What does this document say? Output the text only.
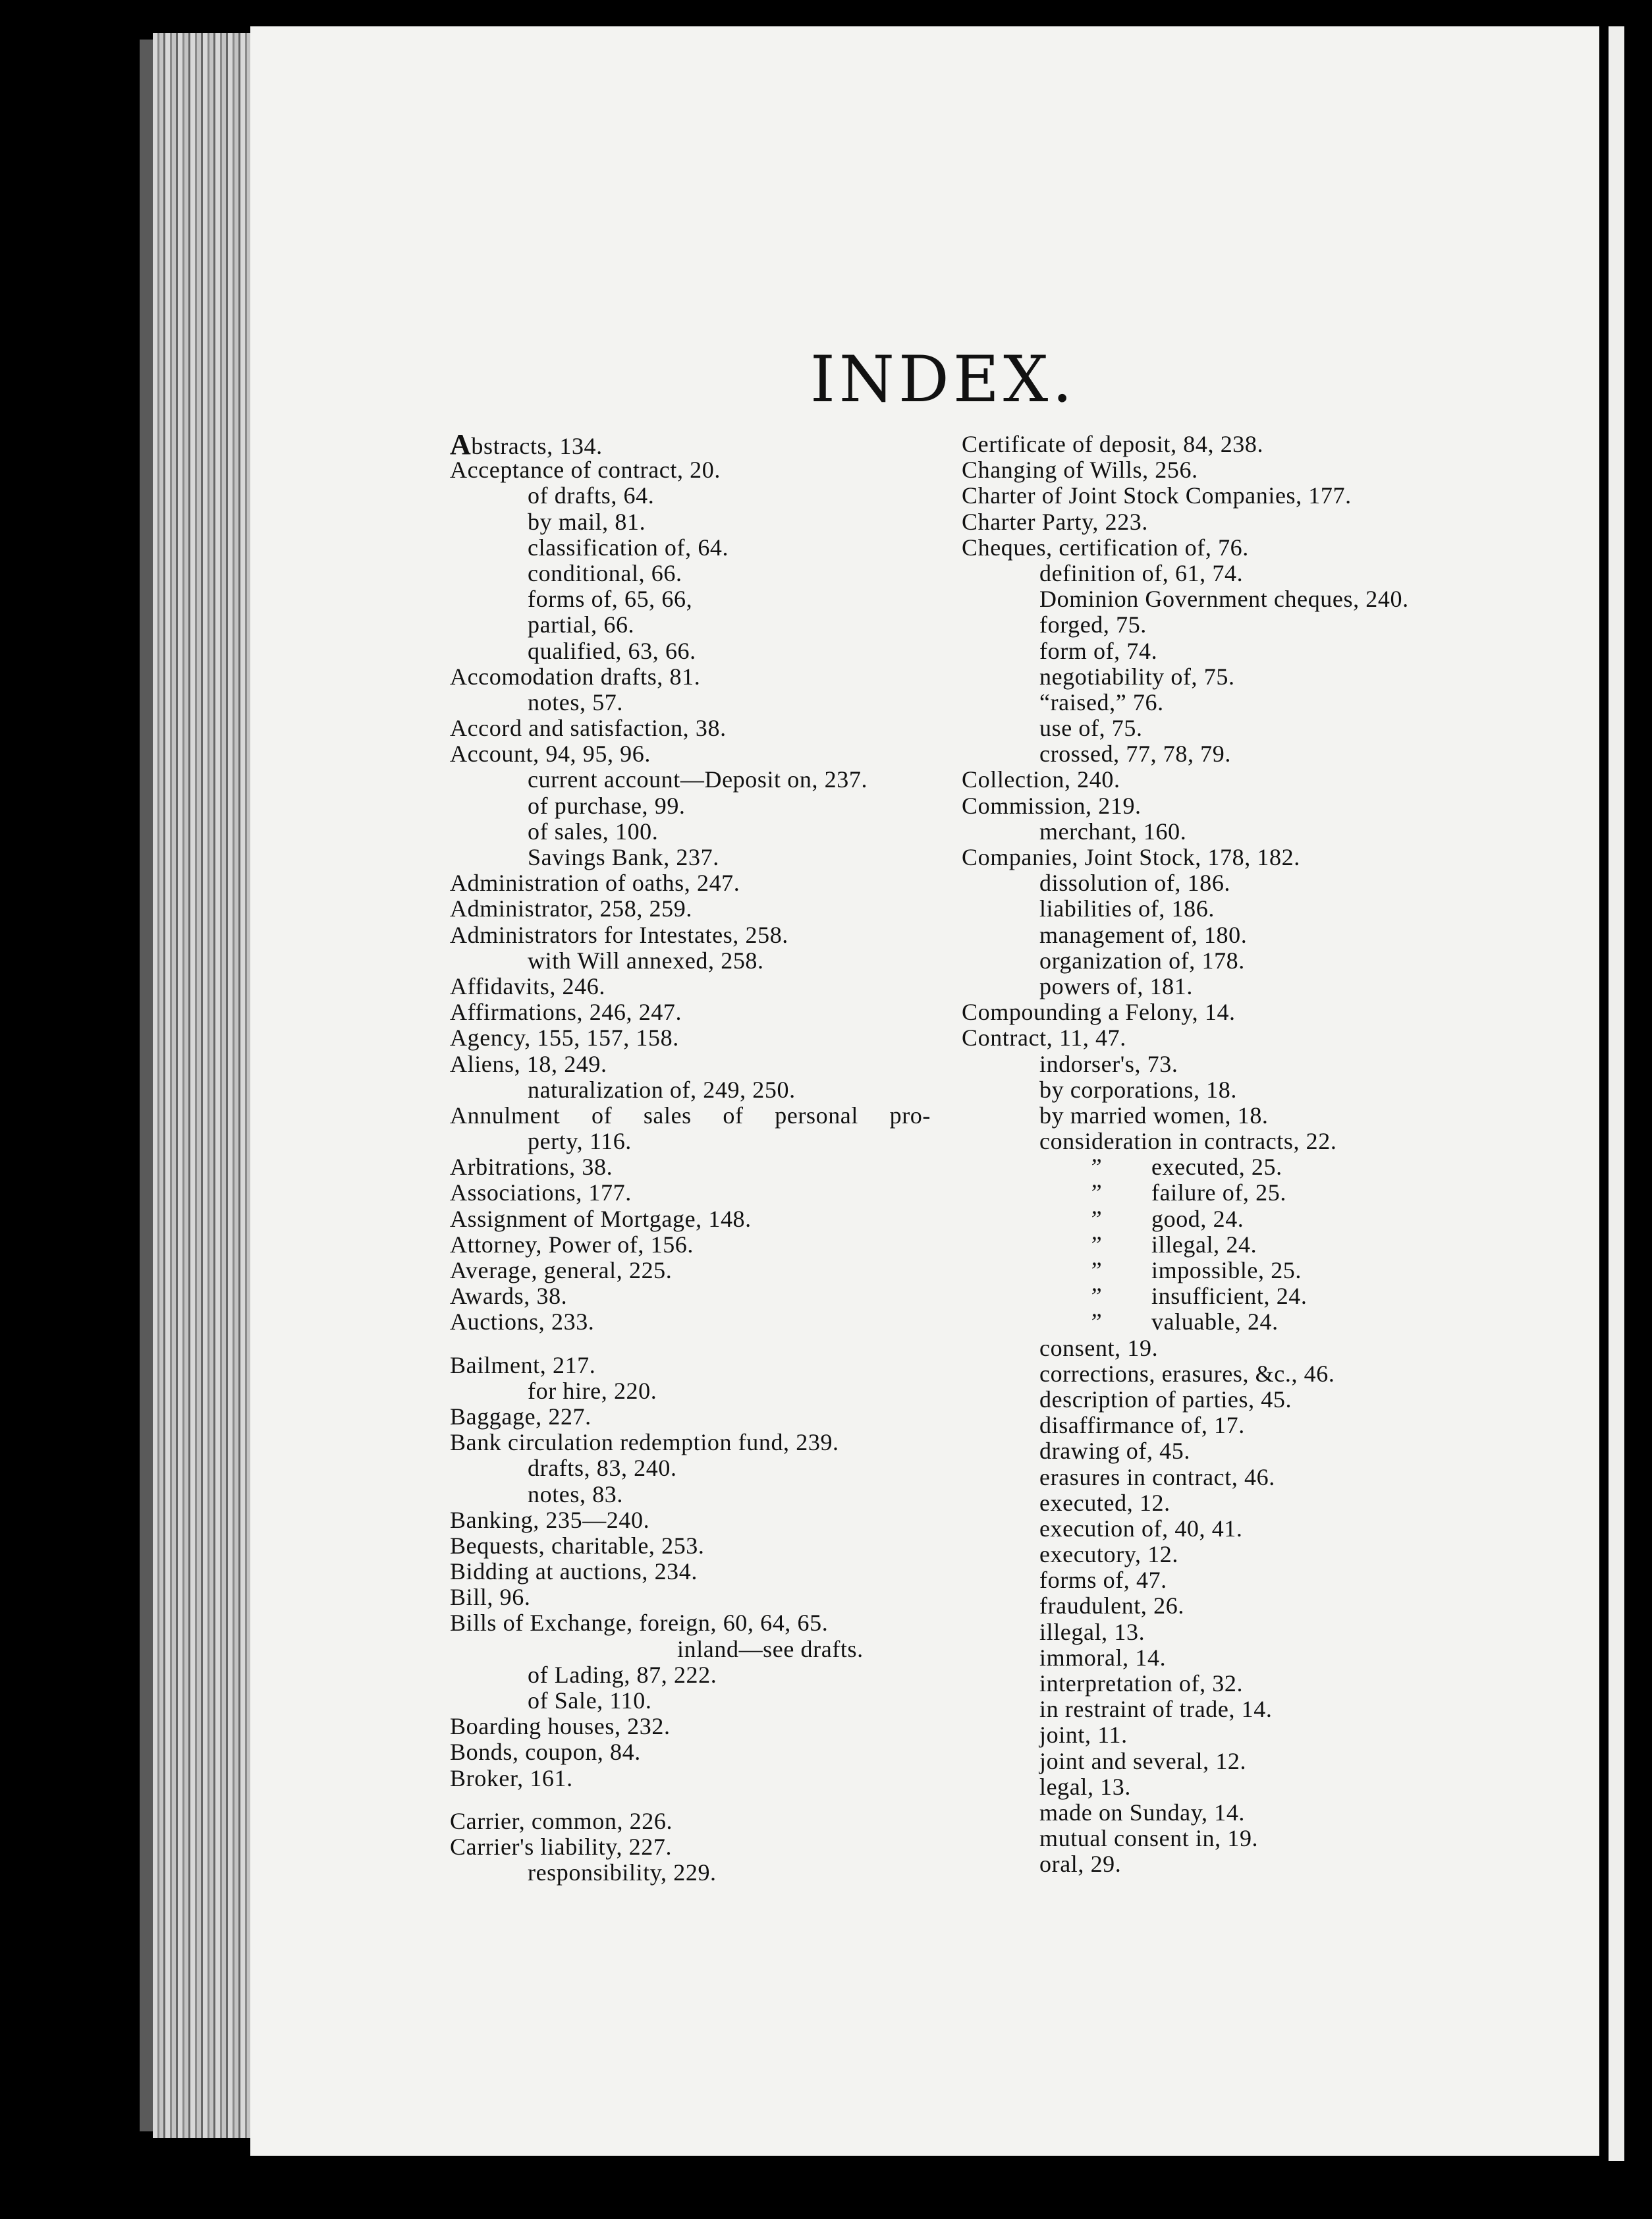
INDEX.
Abstracts, 134.
Acceptance of contract, 20.
of drafts, 64.
by mail, 81.
classification of, 64.
conditional, 66.
forms of, 65, 66,
partial, 66.
qualified, 63, 66.
Accomodation drafts, 81.
notes, 57.
Accord and satisfaction, 38.
Account, 94, 95, 96.
current account—Deposit on, 237.
of purchase, 99.
of sales, 100.
Savings Bank, 237.
Administration of oaths, 247.
Administrator, 258, 259.
Administrators for Intestates, 258.
with Will annexed, 258.
Affidavits, 246.
Affirmations, 246, 247.
Agency, 155, 157, 158.
Aliens, 18, 249.
naturalization of, 249, 250.
Annulment of sales of personal pro-
perty, 116.
Arbitrations, 38.
Associations, 177.
Assignment of Mortgage, 148.
Attorney, Power of, 156.
Average, general, 225.
Awards, 38.
Auctions, 233.
Bailment, 217.
for hire, 220.
Baggage, 227.
Bank circulation redemption fund, 239.
drafts, 83, 240.
notes, 83.
Banking, 235—240.
Bequests, charitable, 253.
Bidding at auctions, 234.
Bill, 96.
Bills of Exchange, foreign, 60, 64, 65.
inland—see drafts.
of Lading, 87, 222.
of Sale, 110.
Boarding houses, 232.
Bonds, coupon, 84.
Broker, 161.
Carrier, common, 226.
Carrier's liability, 227.
responsibility, 229.
Certificate of deposit, 84, 238.
Changing of Wills, 256.
Charter of Joint Stock Companies, 177.
Charter Party, 223.
Cheques, certification of, 76.
definition of, 61, 74.
Dominion Government cheques, 240.
forged, 75.
form of, 74.
negotiability of, 75.
“raised,” 76.
use of, 75.
crossed, 77, 78, 79.
Collection, 240.
Commission, 219.
merchant, 160.
Companies, Joint Stock, 178, 182.
dissolution of, 186.
liabilities of, 186.
management of, 180.
organization of, 178.
powers of, 181.
Compounding a Felony, 14.
Contract, 11, 47.
indorser's, 73.
by corporations, 18.
by married women, 18.
consideration in contracts, 22.
”
executed, 25.
”
failure of, 25.
”
good, 24.
”
illegal, 24.
”
impossible, 25.
”
insufficient, 24.
”
valuable, 24.
consent, 19.
corrections, erasures, &c., 46.
description of parties, 45.
disaffirmance of, 17.
drawing of, 45.
erasures in contract, 46.
executed, 12.
execution of, 40, 41.
executory, 12.
forms of, 47.
fraudulent, 26.
illegal, 13.
immoral, 14.
interpretation of, 32.
in restraint of trade, 14.
joint, 11.
joint and several, 12.
legal, 13.
made on Sunday, 14.
mutual consent in, 19.
oral, 29.
